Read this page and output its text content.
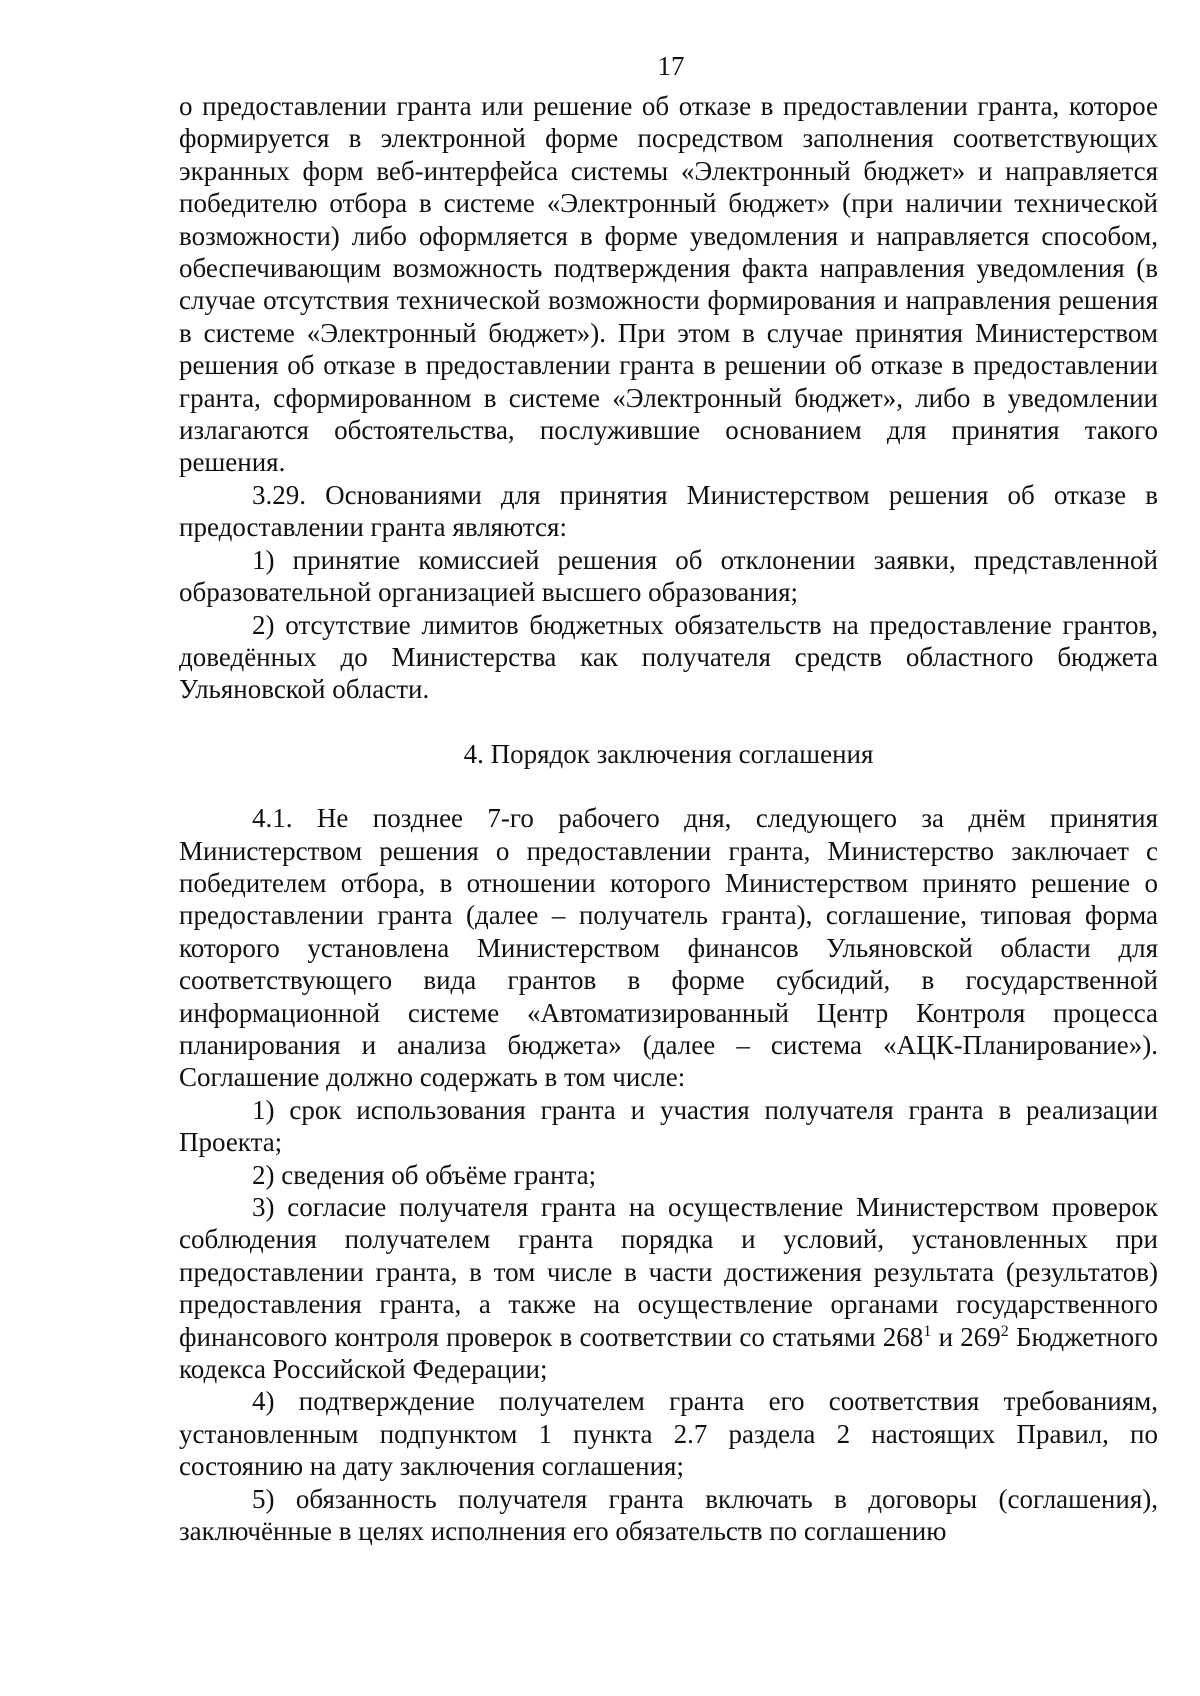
17

о предоставлении гранта или решение об отказе в предоставлении гранта, которое формируется в электронной форме посредством заполнения соответствующих экранных форм веб-интерфейса системы «Электронный бюджет» и направляется победителю отбора в системе «Электронный бюджет» (при наличии технической возможности) либо оформляется в форме уведомления и направляется способом, обеспечивающим возможность подтверждения факта направления уведомления (в случае отсутствия технической возможности формирования и направления решения в системе «Электронный бюджет»). При этом в случае принятия Министерством решения об отказе в предоставлении гранта в решении об отказе в предоставлении гранта, сформированном в системе «Электронный бюджет», либо в уведомлении излагаются обстоятельства, послужившие основанием для принятия такого решения.

3.29. Основаниями для принятия Министерством решения об отказе в предоставлении гранта являются:

1) принятие комиссией решения об отклонении заявки, представленной образовательной организацией высшего образования;

2) отсутствие лимитов бюджетных обязательств на предоставление грантов, доведённых до Министерства как получателя средств областного бюджета Ульяновской области.

4. Порядок заключения соглашения

4.1. Не позднее 7-го рабочего дня, следующего за днём принятия Министерством решения о предоставлении гранта, Министерство заключает с победителем отбора, в отношении которого Министерством принято решение о предоставлении гранта (далее – получатель гранта), соглашение, типовая форма которого установлена Министерством финансов Ульяновской области для соответствующего вида грантов в форме субсидий, в государственной информационной системе «Автоматизированный Центр Контроля процесса планирования и анализа бюджета» (далее – система «АЦК-Планирование»). Соглашение должно содержать в том числе:

1) срок использования гранта и участия получателя гранта в реализации Проекта;

2) сведения об объёме гранта;

3) согласие получателя гранта на осуществление Министерством проверок соблюдения получателем гранта порядка и условий, установленных при предоставлении гранта, в том числе в части достижения результата (результатов) предоставления гранта, а также на осуществление органами государственного финансового контроля проверок в соответствии со статьями $268^1$ и $269^2$ Бюджетного кодекса Российской Федерации;

4) подтверждение получателем гранта его соответствия требованиям, установленным подпунктом 1 пункта 2.7 раздела 2 настоящих Правил, по состоянию на дату заключения соглашения;

5) обязанность получателя гранта включать в договоры (соглашения), заключённые в целях исполнения его обязательств по соглашению
